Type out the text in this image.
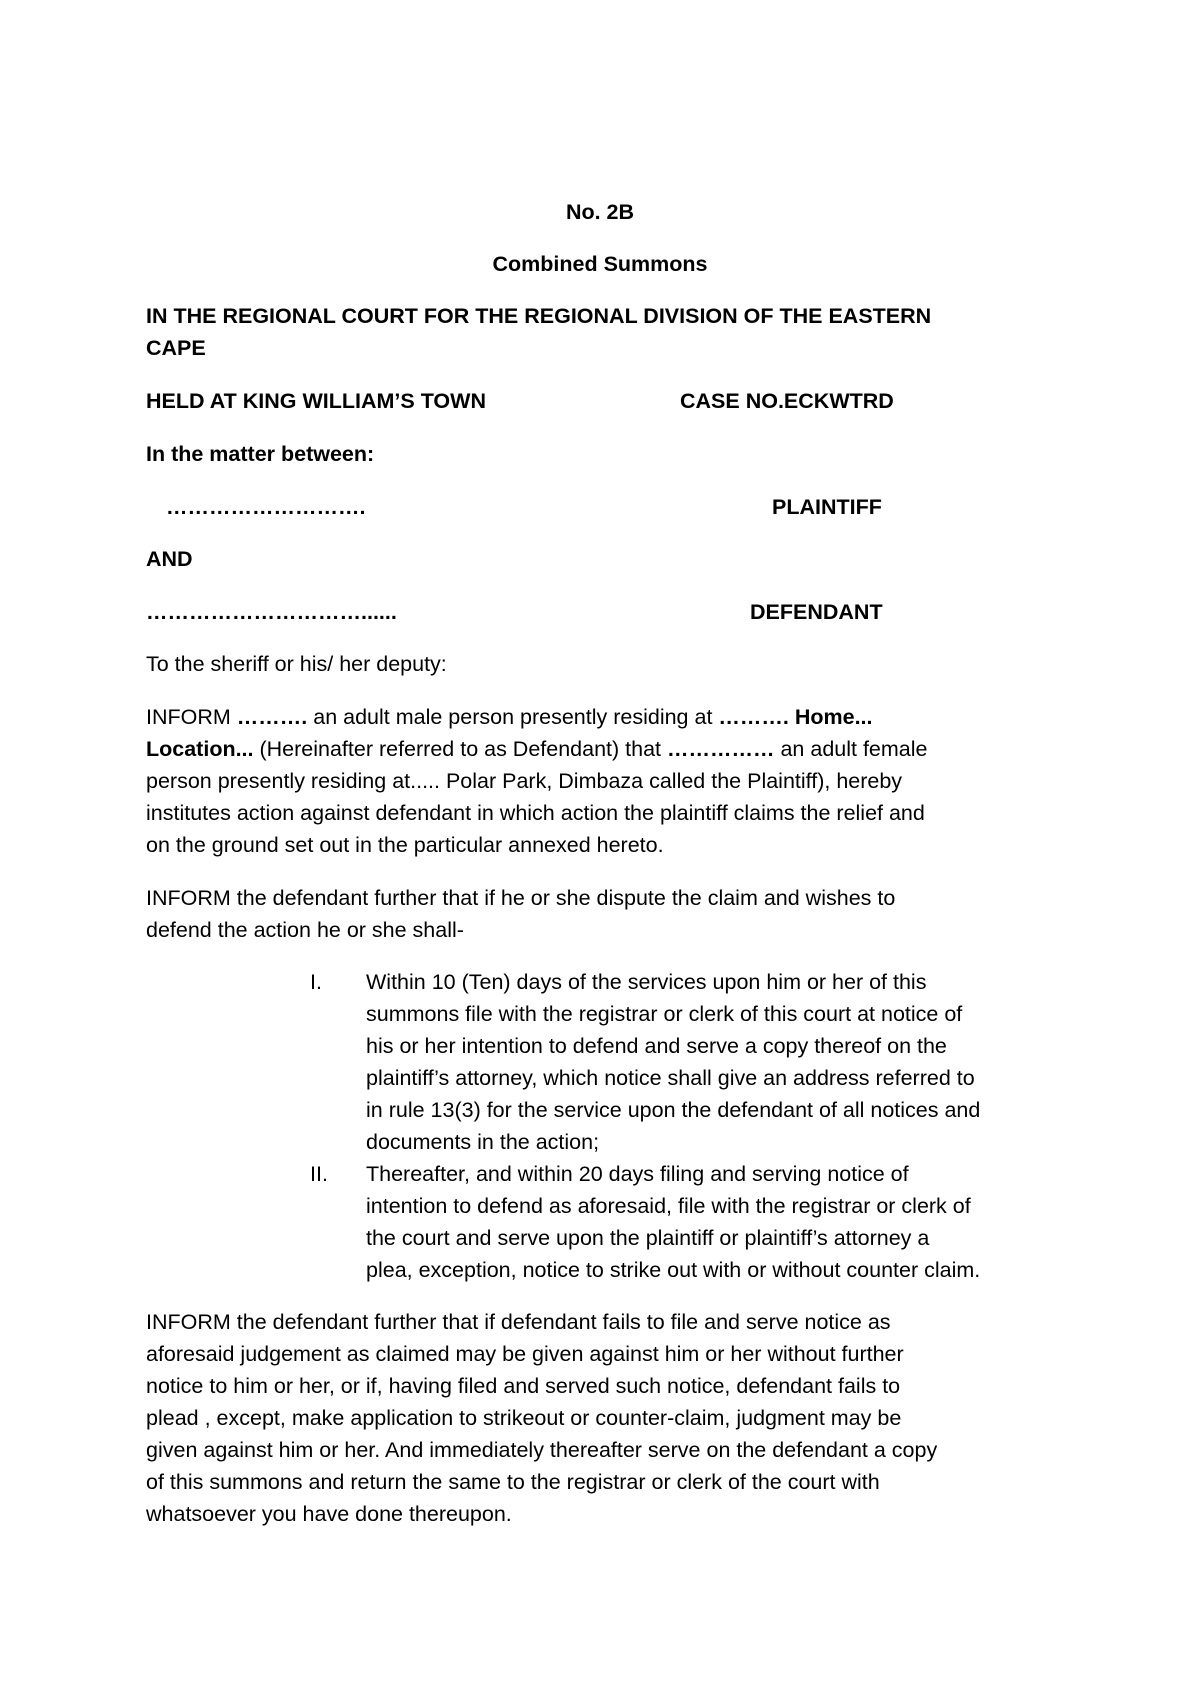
No. 2B
Combined Summons
IN THE REGIONAL COURT FOR THE REGIONAL DIVISION OF THE EASTERN
CAPE
HELD AT KING WILLIAM’S TOWN	CASE NO.ECKWTRD
In the matter between:
……………………….	PLAINTIFF
AND
…………………………......	DEFENDANT
To the sheriff or his/ her deputy:

INFORM ………. an adult male person presently residing at ………. Home...

Location... (Hereinafter referred to as Defendant) that …………… an adult female

person presently residing at..... Polar Park, Dimbaza called the Plaintiff), hereby

institutes action against defendant in which action the plaintiff claims the relief and

on the ground set out in the particular annexed hereto.

INFORM the defendant further that if he or she dispute the claim and wishes to

defend the action he or she shall-

I. Within 10 (Ten) days of the services upon him or her of this

summons file with the registrar or clerk of this court at notice of

his or her intention to defend and serve a copy thereof on the

plaintiff’s attorney, which notice shall give an address referred to

in rule 13(3) for the service upon the defendant of all notices and

documents in the action;

II. Thereafter, and within 20 days filing and serving notice of

intention to defend as aforesaid, file with the registrar or clerk of

the court and serve upon the plaintiff or plaintiff’s attorney a

plea, exception, notice to strike out with or without counter claim.

INFORM the defendant further that if defendant fails to file and serve notice as

aforesaid judgement as claimed may be given against him or her without further

notice to him or her, or if, having filed and served such notice, defendant fails to

plead , except, make application to strikeout or counter-claim, judgment may be

given against him or her. And immediately thereafter serve on the defendant a copy

of this summons and return the same to the registrar or clerk of the court with

whatsoever you have done thereupon.
